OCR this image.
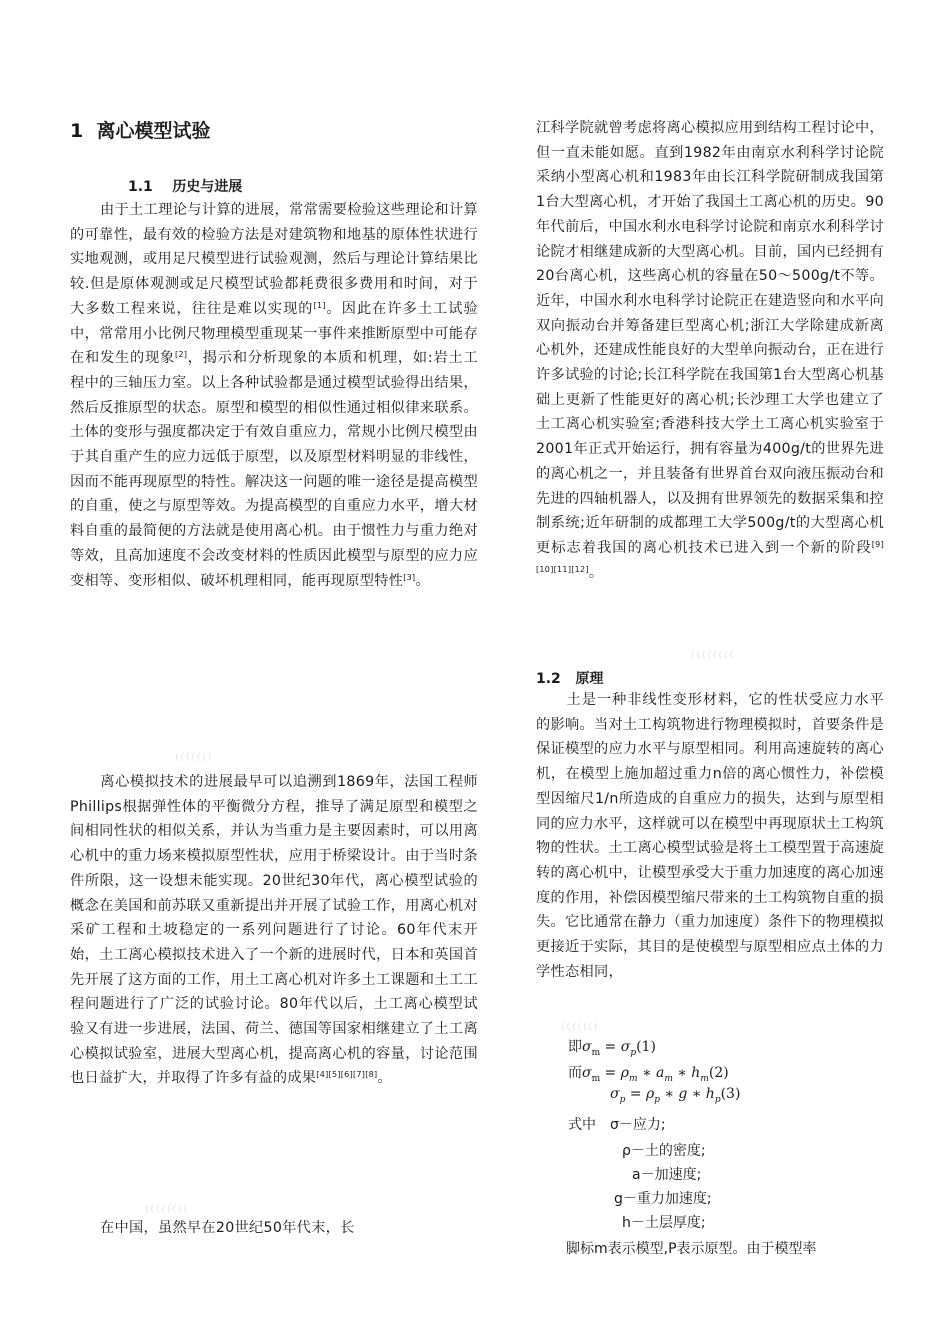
1 离心模型试验
1.1 历史与进展
由于土工理论与计算的进展，常常需要检验这些理论和计算的可靠性，最有效的检验方法是对建筑物和地基的原体性状进行实地观测，或用足尺模型进行试验观测，然后与理论计算结果比较.但是原体观测或足尺模型试验都耗费很多费用和时间，对于大多数工程来说，往往是难以实现的[1]。因此在许多土工试验中，常常用小比例尺物理模型重现某一事件来推断原型中可能存在和发生的现象[2]，揭示和分析现象的本质和机理，如:岩土工程中的三轴压力室。以上各种试验都是通过模型试验得出结果，然后反推原型的状态。原型和模型的相似性通过相似律来联系。土体的变形与强度都决定于有效自重应力，常规小比例尺模型由于其自重产生的应力远低于原型，以及原型材料明显的非线性，因而不能再现原型的特性。解决这一问题的唯一途径是提高模型的自重，使之与原型等效。为提高模型的自重应力水平，增大材料自重的最简便的方法就是使用离心机。由于惯性力与重力绝对等效，且高加速度不会改变材料的性质因此模型与原型的应力应变相等、变形相似、破坏机理相同，能再现原型特性[3]。
离心模拟技术的进展最早可以追溯到1869年，法国工程师Phillips根据弹性体的平衡微分方程，推导了满足原型和模型之间相同性状的相似关系，并认为当重力是主要因素时，可以用离心机中的重力场来模拟原型性状，应用于桥梁设计。由于当时条件所限，这一设想未能实现。20世纪30年代，离心模型试验的概念在美国和前苏联又重新提出并开展了试验工作，用离心机对采矿工程和土坡稳定的一系列问题进行了讨论。60年代末开始，土工离心模拟技术进入了一个新的进展时代，日本和英国首先开展了这方面的工作，用土工离心机对许多土工课题和土工工程问题进行了广泛的试验讨论。80年代以后，土工离心模型试验又有进一步进展，法国、荷兰、德国等国家相继建立了土工离心模拟试验室，进展大型离心机，提高离心机的容量，讨论范围也日益扩大，并取得了许多有益的成果[4][5][6][7][8]。
在中国，虽然早在20世纪50年代末，长
（（（（（（（
（（（（（（（（
江科学院就曾考虑将离心模拟应用到结构工程讨论中，但一直未能如愿。直到1982年由南京水利科学讨论院采纳小型离心机和1983年由长江科学院研制成我国第1台大型离心机，才开始了我国土工离心机的历史。90年代前后，中国水利水电科学讨论院和南京水利科学讨论院才相继建成新的大型离心机。目前，国内已经拥有20台离心机，这些离心机的容量在50～500g/t不等。近年，中国水利水电科学讨论院正在建造竖向和水平向双向振动台并筹备建巨型离心机;浙江大学除建成新离心机外，还建成性能良好的大型单向振动台，正在进行许多试验的讨论;长江科学院在我国第1台大型离心机基础上更新了性能更好的离心机;长沙理工大学也建立了土工离心机实验室;香港科技大学土工离心机实验室于2001年正式开始运行，拥有容量为400g/t的世界先进的离心机之一，并且装备有世界首台双向液压振动台和先进的四轴机器人，以及拥有世界领先的数据采集和控制系统;近年研制的成都理工大学500g/t的大型离心机更标志着我国的离心机技术已进入到一个新的阶段[9][10][11][12]。
1.2 原理
土是一种非线性变形材料，它的性状受应力水平的影响。当对土工构筑物进行物理模拟时，首要条件是保证模型的应力水平与原型相同。利用高速旋转的离心机，在模型上施加超过重力n倍的离心惯性力，补偿模型因缩尺1/n所造成的自重应力的损失，达到与原型相同的应力水平，这样就可以在模型中再现原状土工构筑物的性状。土工离心模型试验是将土工模型置于高速旋转的离心机中，让模型承受大于重力加速度的离心加速度的作用，补偿因模型缩尺带来的土工构筑物自重的损失。它比通常在静力（重力加速度）条件下的物理模拟更接近于实际，其目的是使模型与原型相应点土体的力学性态相同，
即$\sigma_m = \sigma_p(1)$
而$\sigma_m = \rho_m$ ∗ $a_m$ ∗ $h_m(2)$
$\sigma_p = \rho_p$ ∗ g ∗ $h_p(3)$
式中 σ－应力;
ρ－土的密度;
a－加速度;
g－重力加速度;
h－土层厚度;
脚标m表示模型,P表示原型。由于模型率
（（（（（（（（
（（（（（（（
